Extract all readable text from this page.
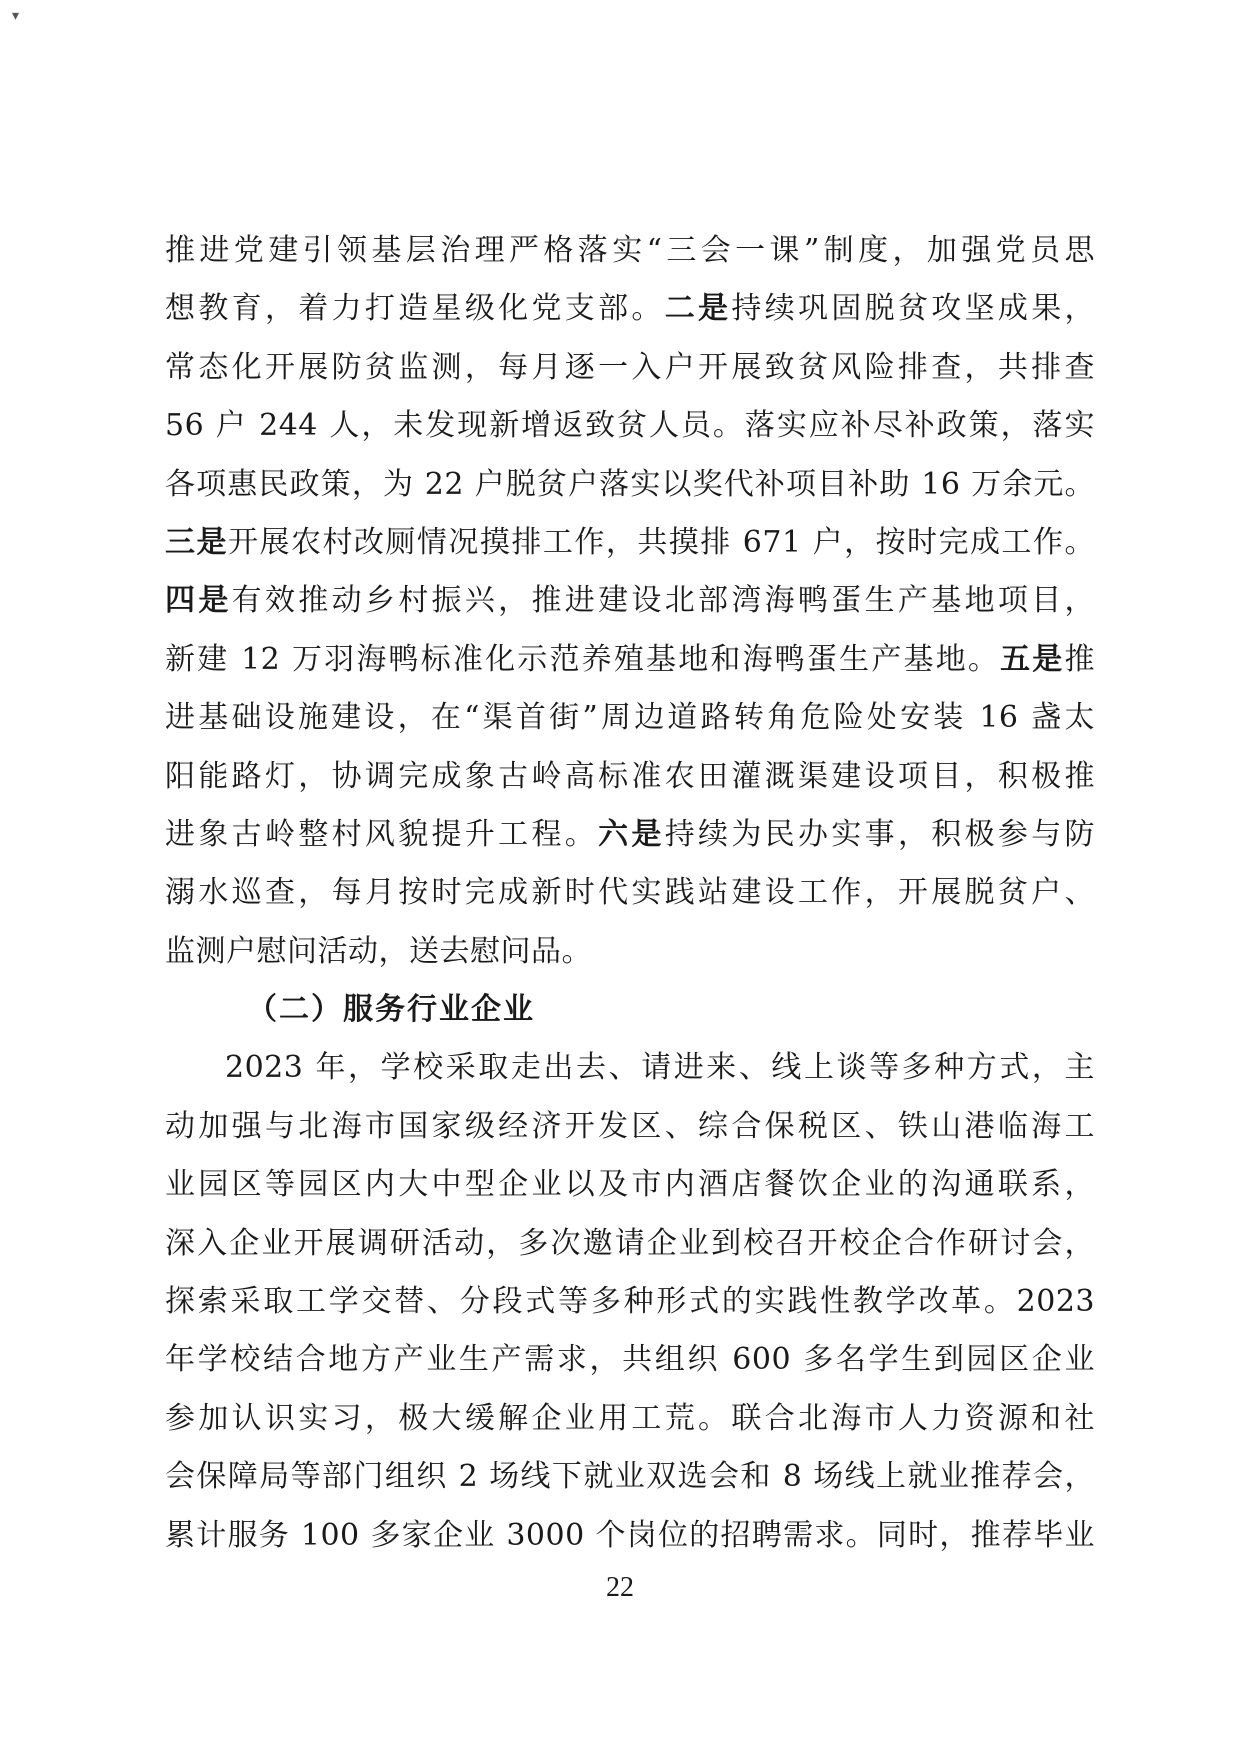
▾
推进党建引领基层治理严格落实“三会一课”制度，加强党员思
想教育，着力打造星级化党支部。二是持续巩固脱贫攻坚成果，
常态化开展防贫监测，每月逐一入户开展致贫风险排查，共排查
56 户 244 人，未发现新增返致贫人员。落实应补尽补政策，落实
各项惠民政策，为 22 户脱贫户落实以奖代补项目补助 16 万余元。
三是开展农村改厕情况摸排工作，共摸排 671 户，按时完成工作。
四是有效推动乡村振兴，推进建设北部湾海鸭蛋生产基地项目，
新建 12 万羽海鸭标准化示范养殖基地和海鸭蛋生产基地。五是推
进基础设施建设，在“渠首街”周边道路转角危险处安装 16 盏太
阳能路灯，协调完成象古岭高标准农田灌溉渠建设项目，积极推
进象古岭整村风貌提升工程。六是持续为民办实事，积极参与防
溺水巡查，每月按时完成新时代实践站建设工作，开展脱贫户、
监测户慰问活动，送去慰问品。
（二）服务行业企业
2023 年，学校采取走出去、请进来、线上谈等多种方式，主
动加强与北海市国家级经济开发区、综合保税区、铁山港临海工
业园区等园区内大中型企业以及市内酒店餐饮企业的沟通联系，
深入企业开展调研活动，多次邀请企业到校召开校企合作研讨会，
探索采取工学交替、分段式等多种形式的实践性教学改革。2023
年学校结合地方产业生产需求，共组织 600 多名学生到园区企业
参加认识实习，极大缓解企业用工荒。联合北海市人力资源和社
会保障局等部门组织 2 场线下就业双选会和 8 场线上就业推荐会，
累计服务 100 多家企业 3000 个岗位的招聘需求。同时，推荐毕业
22
